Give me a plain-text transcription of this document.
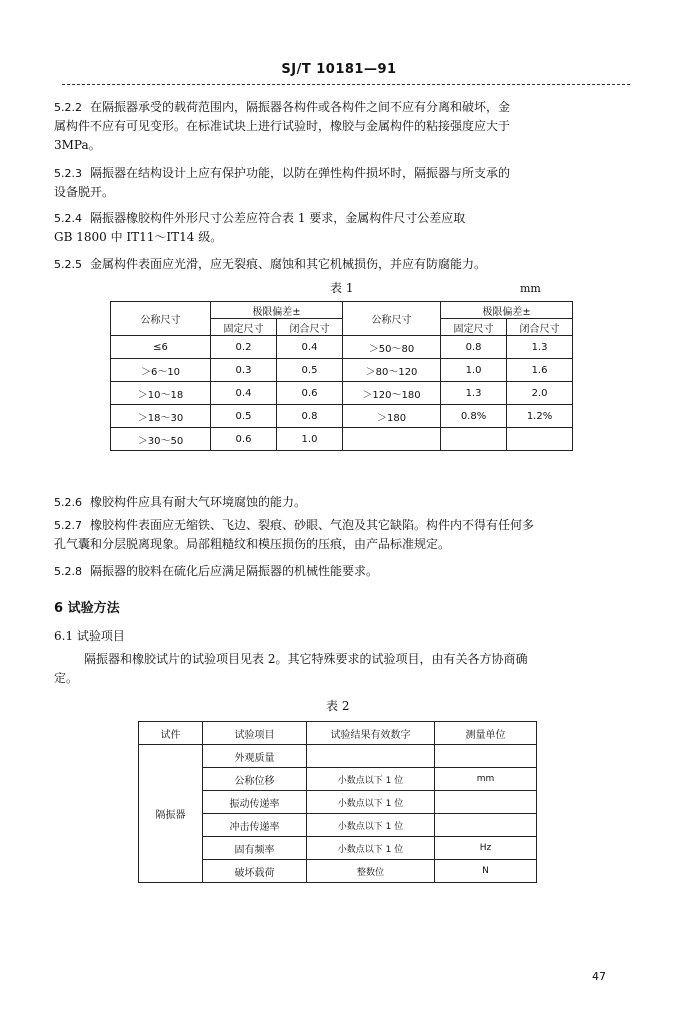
SJ/T 10181—91
5.2.2 在隔振器承受的载荷范围内，隔振器各构件或各构件之间不应有分离和破坏，金
属构件不应有可见变形。在标准试块上进行试验时，橡胶与金属构件的粘接强度应大于
3MPa。
5.2.3 隔振器在结构设计上应有保护功能，以防在弹性构件损坏时，隔振器与所支承的
设备脱开。
5.2.4 隔振器橡胶构件外形尺寸公差应符合表 1 要求，金属构件尺寸公差应取
GB 1800 中 IT11～IT14 级。
5.2.5 金属构件表面应光滑，应无裂痕、腐蚀和其它机械损伤，并应有防腐能力。
表 1	mm
公称尺寸	极限偏差±		公称尺寸	极限偏差±	
	固定尺寸	闭合尺寸		固定尺寸	闭合尺寸
≤6	0.2	0.4	＞50～80	0.8	1.3
＞6～10	0.3	0.5	＞80～120	1.0	1.6
＞10～18	0.4	0.6	＞120～180	1.3	2.0
＞18～30	0.5	0.8	＞180	0.8%	1.2%
＞30～50	0.6	1.0			
5.2.6 橡胶构件应具有耐大气环境腐蚀的能力。
5.2.7 橡胶构件表面应无缩铁、飞边、裂痕、砂眼、气泡及其它缺陷。构件内不得有任何多
孔气囊和分层脱离现象。局部粗糙纹和模压损伤的压痕，由产品标准规定。
5.2.8 隔振器的胶料在硫化后应满足隔振器的机械性能要求。
6 试验方法
6.1 试验项目
隔振器和橡胶试片的试验项目见表 2。其它特殊要求的试验项目，由有关各方协商确
定。
表 2
试件	试验项目	试验结果有效数字	测量单位
隔振器	外观质量		
	公称位移	小数点以下 1 位	mm
	振动传递率	小数点以下 1 位	
	冲击传递率	小数点以下 1 位	
	固有频率	小数点以下 1 位	Hz
	破坏载荷	整数位	N
47
